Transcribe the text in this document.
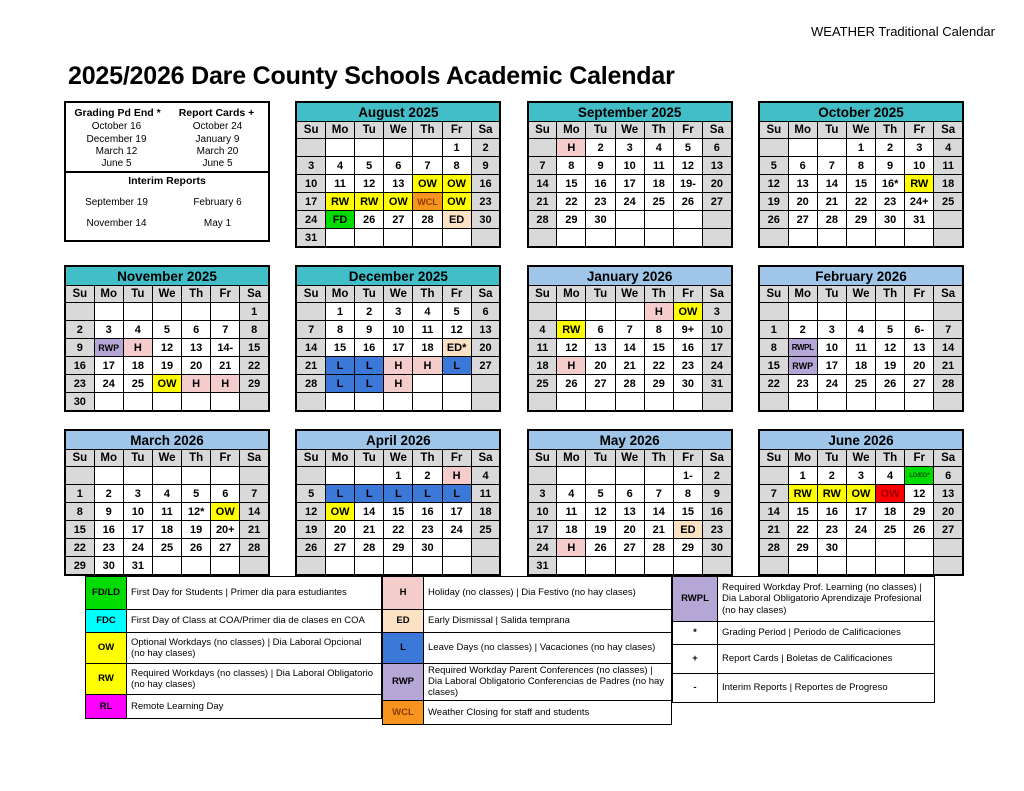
WEATHER Traditional Calendar
2025/2026 Dare County Schools Academic Calendar
Grading Pd End *	Report Cards +
October 16	October 24
December 19	January 9
March 12	March 20
June 5	June 5
Interim Reports
September 19	February 6
November 14	May 1
August 2025						
Su	Mo	Tu	We	Th	Fr	Sa
					1	2
3	4	5	6	7	8	9
10	11	12	13	OW	OW	16
17	RW	RW	OW	WCL	OW	23
24	FD	26	27	28	ED	30
31						
September 2025						
Su	Mo	Tu	We	Th	Fr	Sa
	H	2	3	4	5	6
7	8	9	10	11	12	13
14	15	16	17	18	19-	20
21	22	23	24	25	26	27
28	29	30				

October 2025						
Su	Mo	Tu	We	Th	Fr	Sa
			1	2	3	4
5	6	7	8	9	10	11
12	13	14	15	16*	RW	18
19	20	21	22	23	24+	25
26	27	28	29	30	31	

November 2025						
Su	Mo	Tu	We	Th	Fr	Sa
						1
2	3	4	5	6	7	8
9	RWP	H	12	13	14-	15
16	17	18	19	20	21	22
23	24	25	OW	H	H	29
30						
December 2025						
Su	Mo	Tu	We	Th	Fr	Sa
	1	2	3	4	5	6
7	8	9	10	11	12	13
14	15	16	17	18	ED*	20
21	L	L	H	H	L	27
28	L	L	H			

January 2026						
Su	Mo	Tu	We	Th	Fr	Sa
				H	OW	3
4	RW	6	7	8	9+	10
11	12	13	14	15	16	17
18	H	20	21	22	23	24
25	26	27	28	29	30	31

February 2026						
Su	Mo	Tu	We	Th	Fr	Sa

1	2	3	4	5	6-	7
8	RWPL	10	11	12	13	14
15	RWP	17	18	19	20	21
22	23	24	25	26	27	28

March 2026						
Su	Mo	Tu	We	Th	Fr	Sa

1	2	3	4	5	6	7
8	9	10	11	12*	OW	14
15	16	17	18	19	20+	21
22	23	24	25	26	27	28
29	30	31				
April 2026						
Su	Mo	Tu	We	Th	Fr	Sa
			1	2	H	4
5	L	L	L	L	L	11
12	OW	14	15	16	17	18
19	20	21	22	23	24	25
26	27	28	29	30		

May 2026						
Su	Mo	Tu	We	Th	Fr	Sa
					1-	2
3	4	5	6	7	8	9
10	11	12	13	14	15	16
17	18	19	20	21	ED	23
24	H	26	27	28	29	30
31						
June 2026						
Su	Mo	Tu	We	Th	Fr	Sa
	1	2	3	4	LD/ED*	6
7	RW	RW	OW	OW	12	13
14	15	16	17	18	29	20
21	22	23	24	25	26	27
28	29	30				

FD/LD	First Day for Students | Primer dia para estudiantes
FDC	First Day of Class at COA/Primer dia de clases en COA
OW	Optional Workdays (no classes) | Dia Laboral Opcional (no hay clases)
RW	Required Workdays (no classes) | Dia Laboral Obligatorio (no hay clases)
RL	Remote Learning Day
H	Holiday (no classes) | Dia Festivo (no hay clases)
ED	Early Dismissal | Salida temprana
L	Leave Days (no classes) | Vacaciones (no hay clases)
RWP	Required Workday Parent Conferences (no classes) | Dia Laboral Obligatorio Conferencias de Padres (no hay clases)
WCL	Weather Closing for staff and students
RWPL	Required Workday Prof. Learning (no classes) | Dia Laboral Obligatorio Aprendizaje Profesional (no hay clases)
*	Grading Period | Periodo de Calificaciones
+	Report Cards | Boletas de Calificaciones
-	Interim Reports | Reportes de Progreso
